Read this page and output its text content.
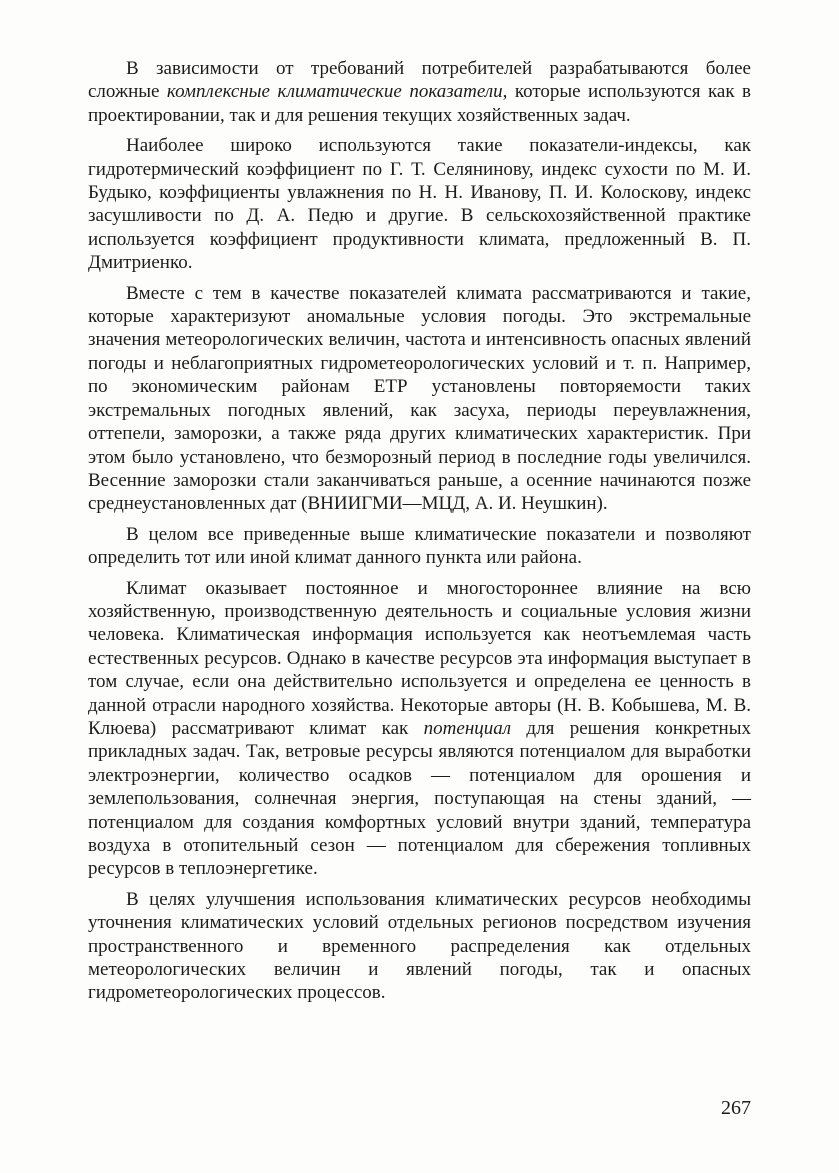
В зависимости от требований потребителей разрабатываются более сложные комплексные климатические показатели, которые используются как в проектировании, так и для решения текущих хозяйственных задач.

Наиболее широко используются такие показатели-индексы, как гидротермический коэффициент по Г. Т. Селянинову, индекс сухости по М. И. Будыко, коэффициенты увлажнения по Н. Н. Иванову, П. И. Колоскову, индекс засушливости по Д. А. Педю и другие. В сельскохозяйственной практике используется коэффициент продуктивности климата, предложенный В. П. Дмитриенко.

Вместе с тем в качестве показателей климата рассматриваются и такие, которые характеризуют аномальные условия погоды. Это экстремальные значения метеорологических величин, частота и интенсивность опасных явлений погоды и неблагоприятных гидрометеорологических условий и т. п. Например, по экономическим районам ЕТР установлены повторяемости таких экстремальных погодных явлений, как засуха, периоды переувлажнения, оттепели, заморозки, а также ряда других климатических характеристик. При этом было установлено, что безморозный период в последние годы увеличился. Весенние заморозки стали заканчиваться раньше, а осенние начинаются позже среднеустановленных дат (ВНИИГМИ—МЦД, А. И. Неушкин).

В целом все приведенные выше климатические показатели и позволяют определить тот или иной климат данного пункта или района.

Климат оказывает постоянное и многостороннее влияние на всю хозяйственную, производственную деятельность и социальные условия жизни человека. Климатическая информация используется как неотъемлемая часть естественных ресурсов. Однако в качестве ресурсов эта информация выступает в том случае, если она действительно используется и определена ее ценность в данной отрасли народного хозяйства. Некоторые авторы (Н. В. Кобышева, М. В. Клюева) рассматривают климат как потенциал для решения конкретных прикладных задач. Так, ветровые ресурсы являются потенциалом для выработки электроэнергии, количество осадков — потенциалом для орошения и землепользования, солнечная энергия, поступающая на стены зданий, — потенциалом для создания комфортных условий внутри зданий, температура воздуха в отопительный сезон — потенциалом для сбережения топливных ресурсов в теплоэнергетике.

В целях улучшения использования климатических ресурсов необходимы уточнения климатических условий отдельных регионов посредством изучения пространственного и временного распределения как отдельных метеорологических величин и явлений погоды, так и опасных гидрометеорологических процессов.

267
